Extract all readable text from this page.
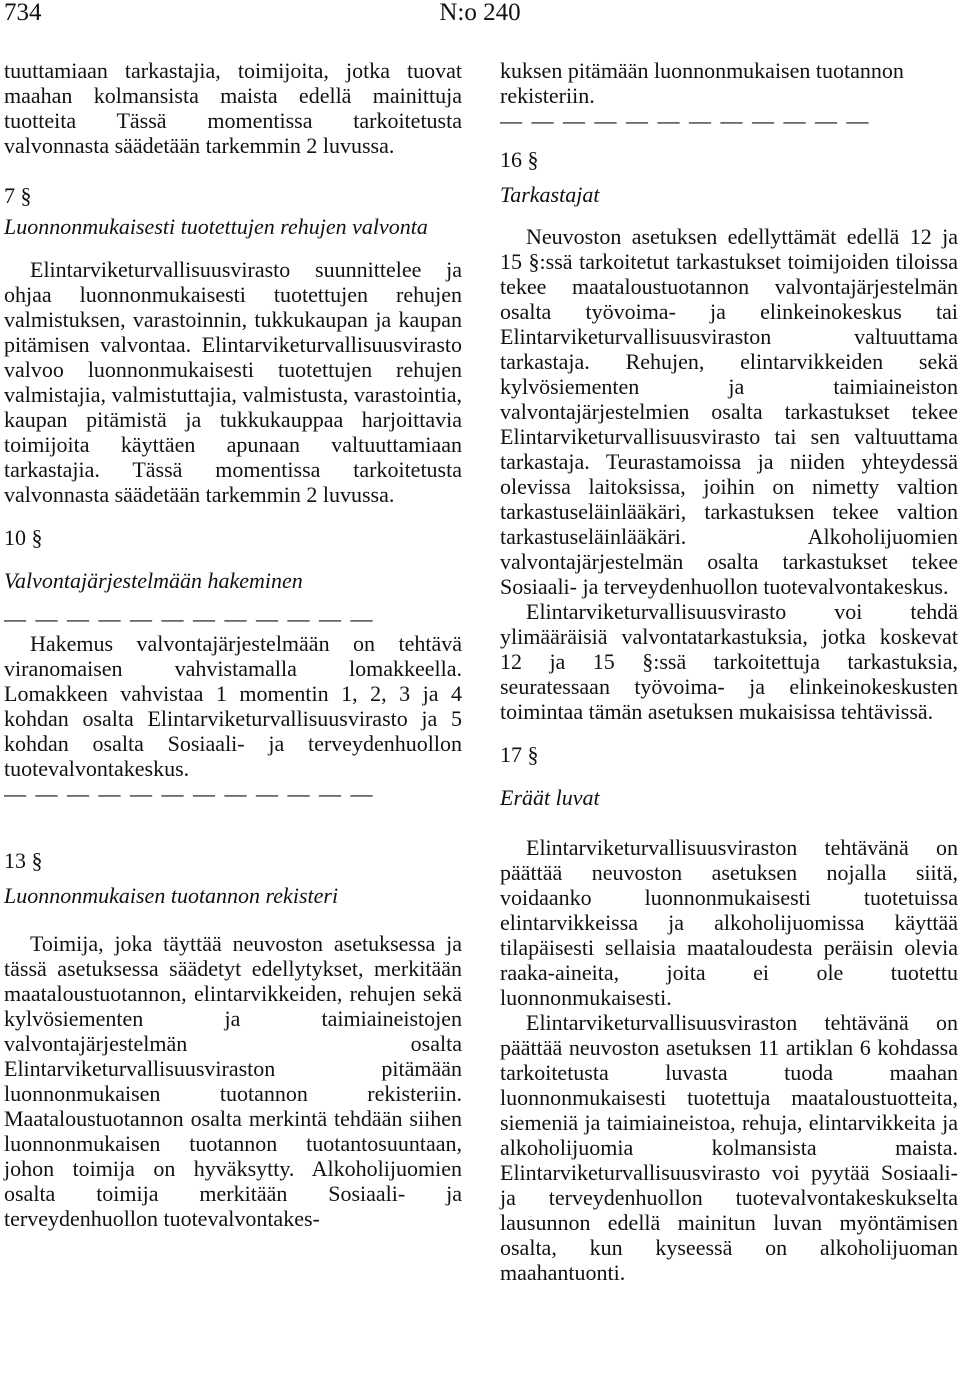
734	N:o 240

tuuttamiaan tarkastajia, toimijoita, jotka tuovat maahan kolmansista maista edellä mainittuja tuotteita Tässä momentissa tarkoitetusta valvonnasta säädetään tarkemmin 2 luvussa.

7 §

Luonnonmukaisesti tuotettujen rehujen valvonta

Elintarviketurvallisuusvirasto suunnittelee ja ohjaa luonnonmukaisesti tuotettujen rehujen valmistuksen, varastoinnin, tukkukaupan ja kaupan pitämisen valvontaa. Elintarviketurvallisuusvirasto valvoo luonnonmukaisesti tuotettujen rehujen valmistajia, valmistuttajia, valmistusta, varastointia, kaupan pitämistä ja tukkukauppaa harjoittavia toimijoita käyttäen apunaan valtuuttamiaan tarkastajia. Tässä momentissa tarkoitetusta valvonnasta säädetään tarkemmin 2 luvussa.

10 §

Valvontajärjestelmään hakeminen

— — — — — — — — — — — —

Hakemus valvontajärjestelmään on tehtävä viranomaisen vahvistamalla lomakkeella. Lomakkeen vahvistaa 1 momentin 1, 2, 3 ja 4 kohdan osalta Elintarviketurvallisuusvirasto ja 5 kohdan osalta Sosiaali- ja terveydenhuollon tuotevalvontakeskus.

— — — — — — — — — — — —

13 §

Luonnonmukaisen tuotannon rekisteri

Toimija, joka täyttää neuvoston asetuksessa ja tässä asetuksessa säädetyt edellytykset, merkitään maataloustuotannon, elintarvikkeiden, rehujen sekä kylvösiementen ja taimiaineistojen valvontajärjestelmän osalta Elintarviketurvallisuusviraston pitämään luonnonmukaisen tuotannon rekisteriin. Maataloustuotannon osalta merkintä tehdään siihen luonnonmukaisen tuotannon tuotantosuuntaan, johon toimija on hyväksytty. Alkoholijuomien osalta toimija merkitään Sosiaali- ja terveydenhuollon tuotevalvontakes-

kuksen pitämään luonnonmukaisen tuotannon rekisteriin.

— — — — — — — — — — — —

16 §

Tarkastajat

Neuvoston asetuksen edellyttämät edellä 12 ja 15 §:ssä tarkoitetut tarkastukset toimijoiden tiloissa tekee maataloustuotannon valvontajärjestelmän osalta työvoima- ja elinkeinokeskus tai Elintarviketurvallisuusviraston valtuuttama tarkastaja. Rehujen, elintarvikkeiden sekä kylvösiementen ja taimiaineiston valvontajärjestelmien osalta tarkastukset tekee Elintarviketurvallisuusvirasto tai sen valtuuttama tarkastaja. Teurastamoissa ja niiden yhteydessä olevissa laitoksissa, joihin on nimetty valtion tarkastuseläinlääkäri, tarkastuksen tekee valtion tarkastuseläinlääkäri. Alkoholijuomien valvontajärjestelmän osalta tarkastukset tekee Sosiaali- ja terveydenhuollon tuotevalvontakeskus.

Elintarviketurvallisuusvirasto voi tehdä ylimääräisiä valvontatarkastuksia, jotka koskevat 12 ja 15 §:ssä tarkoitettuja tarkastuksia, seuratessaan työvoima- ja elinkeinokeskusten toimintaa tämän asetuksen mukaisissa tehtävissä.

17 §

Eräät luvat

Elintarviketurvallisuusviraston tehtävänä on päättää neuvoston asetuksen nojalla siitä, voidaanko luonnonmukaisesti tuotetuissa elintarvikkeissa ja alkoholijuomissa käyttää tilapäisesti sellaisia maataloudesta peräisin olevia raaka-aineita, joita ei ole tuotettu luonnonmukaisesti.

Elintarviketurvallisuusviraston tehtävänä on päättää neuvoston asetuksen 11 artiklan 6 kohdassa tarkoitetusta luvasta tuoda maahan luonnonmukaisesti tuotettuja maataloustuotteita, siemeniä ja taimiaineistoa, rehuja, elintarvikkeita ja alkoholijuomia kolmansista maista. Elintarviketurvallisuusvirasto voi pyytää Sosiaali- ja terveydenhuollon tuotevalvontakeskukselta lausunnon edellä mainitun luvan myöntämisen osalta, kun kyseessä on alkoholijuoman maahantuonti.
